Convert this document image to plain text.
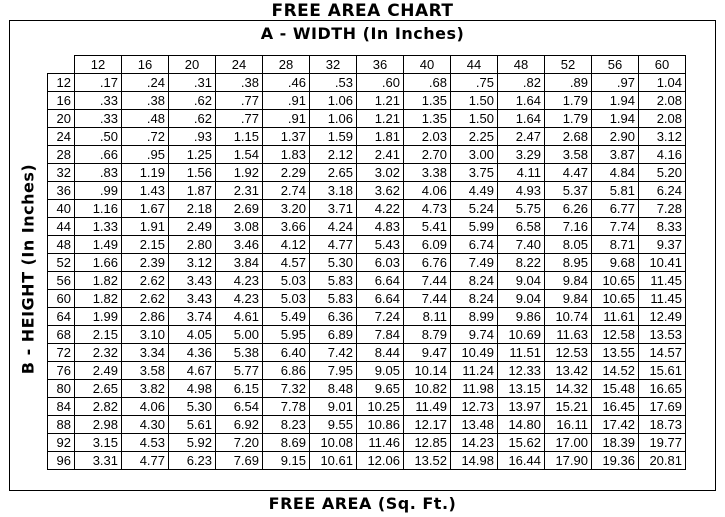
FREE AREA CHART
A - WIDTH (In Inches)
B - HEIGHT (In Inches)
	12	16	20	24	28	32	36	40	44	48	52	56	60
12	.17	.24	.31	.38	.46	.53	.60	.68	.75	.82	.89	.97	1.04
16	.33	.38	.62	.77	.91	1.06	1.21	1.35	1.50	1.64	1.79	1.94	2.08
20	.33	.48	.62	.77	.91	1.06	1.21	1.35	1.50	1.64	1.79	1.94	2.08
24	.50	.72	.93	1.15	1.37	1.59	1.81	2.03	2.25	2.47	2.68	2.90	3.12
28	.66	.95	1.25	1.54	1.83	2.12	2.41	2.70	3.00	3.29	3.58	3.87	4.16
32	.83	1.19	1.56	1.92	2.29	2.65	3.02	3.38	3.75	4.11	4.47	4.84	5.20
36	.99	1.43	1.87	2.31	2.74	3.18	3.62	4.06	4.49	4.93	5.37	5.81	6.24
40	1.16	1.67	2.18	2.69	3.20	3.71	4.22	4.73	5.24	5.75	6.26	6.77	7.28
44	1.33	1.91	2.49	3.08	3.66	4.24	4.83	5.41	5.99	6.58	7.16	7.74	8.33
48	1.49	2.15	2.80	3.46	4.12	4.77	5.43	6.09	6.74	7.40	8.05	8.71	9.37
52	1.66	2.39	3.12	3.84	4.57	5.30	6.03	6.76	7.49	8.22	8.95	9.68	10.41
56	1.82	2.62	3.43	4.23	5.03	5.83	6.64	7.44	8.24	9.04	9.84	10.65	11.45
60	1.82	2.62	3.43	4.23	5.03	5.83	6.64	7.44	8.24	9.04	9.84	10.65	11.45
64	1.99	2.86	3.74	4.61	5.49	6.36	7.24	8.11	8.99	9.86	10.74	11.61	12.49
68	2.15	3.10	4.05	5.00	5.95	6.89	7.84	8.79	9.74	10.69	11.63	12.58	13.53
72	2.32	3.34	4.36	5.38	6.40	7.42	8.44	9.47	10.49	11.51	12.53	13.55	14.57
76	2.49	3.58	4.67	5.77	6.86	7.95	9.05	10.14	11.24	12.33	13.42	14.52	15.61
80	2.65	3.82	4.98	6.15	7.32	8.48	9.65	10.82	11.98	13.15	14.32	15.48	16.65
84	2.82	4.06	5.30	6.54	7.78	9.01	10.25	11.49	12.73	13.97	15.21	16.45	17.69
88	2.98	4.30	5.61	6.92	8.23	9.55	10.86	12.17	13.48	14.80	16.11	17.42	18.73
92	3.15	4.53	5.92	7.20	8.69	10.08	11.46	12.85	14.23	15.62	17.00	18.39	19.77
96	3.31	4.77	6.23	7.69	9.15	10.61	12.06	13.52	14.98	16.44	17.90	19.36	20.81
FREE AREA (Sq. Ft.)
